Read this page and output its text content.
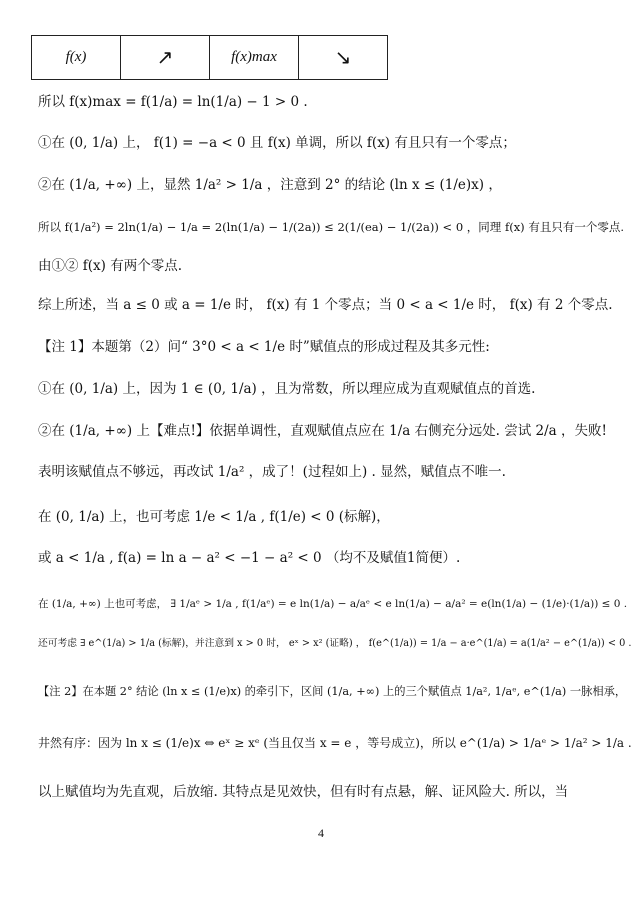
f(x)	↗	f(x)max	↘
所以 f(x)max = f(1/a) = ln(1/a) − 1 > 0 .
①在 (0, 1/a) 上， f(1) = −a < 0 且 f(x) 单调，所以 f(x) 有且只有一个零点；
②在 (1/a, +∞) 上，显然 1/a² > 1/a ，注意到 2° 的结论 (ln x ≤ (1/e)x) ，
所以 f(1/a²) = 2ln(1/a) − 1/a = 2(ln(1/a) − 1/(2a)) ≤ 2(1/(ea) − 1/(2a)) < 0 ，同理 f(x) 有且只有一个零点.
由①② f(x) 有两个零点.
综上所述，当 a ≤ 0 或 a = 1/e 时， f(x) 有 1 个零点；当 0 < a < 1/e 时， f(x) 有 2 个零点.
【注 1】本题第（2）问“ 3°0 < a < 1/e 时”赋值点的形成过程及其多元性:
①在 (0, 1/a) 上，因为 1 ∈ (0, 1/a) ，且为常数，所以理应成为直观赋值点的首选.
②在 (1/a, +∞) 上【难点!】依据单调性，直观赋值点应在 1/a 右侧充分远处. 尝试 2/a ，失败!
表明该赋值点不够远，再改试 1/a² ，成了！(过程如上) . 显然，赋值点不唯一.
在 (0, 1/a) 上，也可考虑 1/e < 1/a , f(1/e) < 0 (标解)，
或 a < 1/a , f(a) = ln a − a² < −1 − a² < 0 （均不及赋值1简便）.
在 (1/a, +∞) 上也可考虑， ∃ 1/aᵉ > 1/a , f(1/aᵉ) = e ln(1/a) − a/aᵉ < e ln(1/a) − a/a² = e(ln(1/a) − (1/e)·(1/a)) ≤ 0 .
还可考虑 ∃ e^(1/a) > 1/a (标解)，并注意到 x > 0 时， eˣ > x² (证略) ， f(e^(1/a)) = 1/a − a·e^(1/a) = a(1/a² − e^(1/a)) < 0 .
【注 2】在本题 2° 结论 (ln x ≤ (1/e)x) 的牵引下，区间 (1/a, +∞) 上的三个赋值点 1/a², 1/aᵉ, e^(1/a) 一脉相承，
井然有序：因为 ln x ≤ (1/e)x ⇔ eˣ ≥ xᵉ (当且仅当 x = e ，等号成立)，所以 e^(1/a) > 1/aᵉ > 1/a² > 1/a .
以上赋值均为先直观，后放缩. 其特点是见效快，但有时有点悬，解、证风险大. 所以，当
4
